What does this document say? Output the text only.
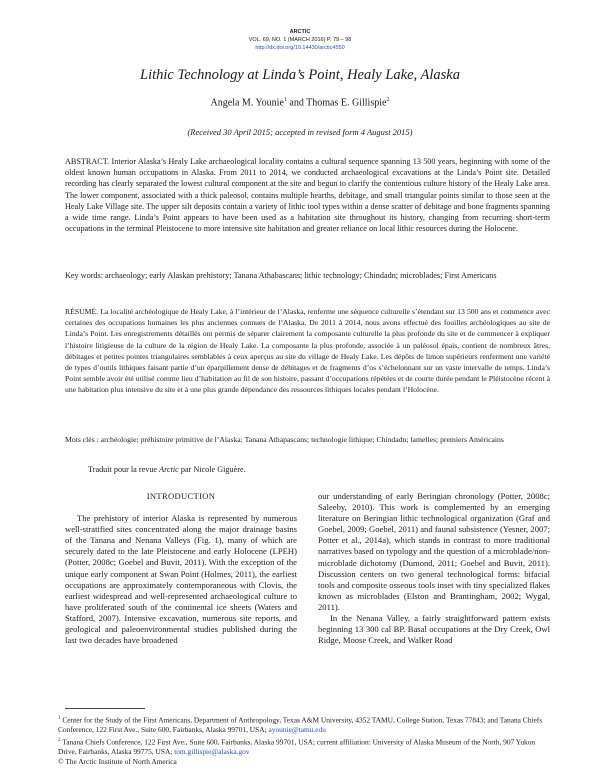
ARCTIC
VOL. 69, NO. 1 (MARCH 2016) P. 79 – 98
http://dx.doi.org/10.14430/arctic4550
Lithic Technology at Linda’s Point, Healy Lake, Alaska
Angela M. Younie$^1$ and Thomas E. Gillispie$^2$
(Received 30 April 2015; accepted in revised form 4 August 2015)
ABSTRACT. Interior Alaska’s Healy Lake archaeological locality contains a cultural sequence spanning 13 500 years, beginning with some of the oldest known human occupations in Alaska. From 2011 to 2014, we conducted archaeological excavations at the Linda’s Point site. Detailed recording has clearly separated the lowest cultural component at the site and begun to clarify the contentious culture history of the Healy Lake area. The lower component, associated with a thick paleosol, contains multiple hearths, debitage, and small triangular points similar to those seen at the Healy Lake Village site. The upper silt deposits contain a variety of lithic tool types within a dense scatter of debitage and bone fragments spanning a wide time range. Linda’s Point appears to have been used as a habitation site throughout its history, changing from recurring short-term occupations in the terminal Pleistocene to more intensive site habitation and greater reliance on local lithic resources during the Holocene.
Key words: archaeology; early Alaskan prehistory; Tanana Athabascans; lithic technology; Chindadn; microblades; First Americans
RÉSUMÉ. La localité archéologique de Healy Lake, à l’intérieur de l’Alaska, renferme une séquence culturelle s’étendant sur 13 500 ans et commence avec certaines des occupations humaines les plus anciennes connues de l’Alaska. De 2011 à 2014, nous avons effectué des fouilles archéologiques au site de Linda’s Point. Les enregistrements détaillés ont permis de séparer clairement la composante culturelle la plus profonde du site et de commencer à expliquer l’histoire litigieuse de la culture de la région de Healy Lake. La composante la plus profonde, associée à un paléosol épais, contient de nombreux âtres, débitages et petites pointes triangulaires semblables à ceux aperçus au site du village de Healy Lake. Les dépôts de limon supérieurs renferment une variété de types d’outils lithiques faisant partie d’un éparpillement dense de débitages et de fragments d’os s’échelonnant sur un vaste intervalle de temps. Linda’s Point semble avoir été utilisé comme lieu d’habitation au fil de son histoire, passant d’occupations répétées et de courte durée pendant le Pléistocène récent à une habitation plus intensive du site et à une plus grande dépendance des ressources lithiques locales pendant l’Holocène.
Mots clés : archéologie; préhistoire primitive de l’Alaska; Tanana Athapascans; technologie lithique; Chindadn; lamelles; premiers Américains
Traduit pour la revue Arctic par Nicole Giguère.
INTRODUCTION

The prehistory of interior Alaska is represented by numerous well-stratified sites concentrated along the major drainage basins of the Tanana and Nenana Valleys (Fig. 1), many of which are securely dated to the late Pleistocene and early Holocene (LPEH) (Potter, 2008c; Goebel and Buvit, 2011). With the exception of the unique early component at Swan Point (Holmes, 2011), the earliest occupations are approximately contemporaneous with Clovis, the earliest widespread and well-represented archaeological culture to have proliferated south of the continental ice sheets (Waters and Stafford, 2007). Intensive excavation, numerous site reports, and geological and paleoenvironmental studies published during the last two decades have broadened

our understanding of early Beringian chronology (Potter, 2008c; Saleeby, 2010). This work is complemented by an emerging literature on Beringian lithic technological organization (Graf and Goebel, 2009; Goebel, 2011) and faunal subsistence (Yesner, 2007; Potter et al., 2014a), which stands in contrast to more traditional narratives based on typology and the question of a microblade/non-microblade dichotomy (Dumond, 2011; Goebel and Buvit, 2011). Discussion centers on two general technological forms: bifacial tools and composite osseous tools inset with tiny specialized flakes known as microblades (Elston and Brantingham, 2002; Wygal, 2011).

In the Nenana Valley, a fairly straightforward pattern exists beginning 13 300 cal BP. Basal occupations at the Dry Creek, Owl Ridge, Moose Creek, and Walker Road

$^1$ Center for the Study of the First Americans, Department of Anthropology, Texas A&M University, 4352 TAMU, College Station, Texas 77843; and Tanana Chiefs Conference, 122 First Ave., Suite 600, Fairbanks, Alaska 99701, USA; ayounie@tamu.edu
$^2$ Tanana Chiefs Conference, 122 First Ave., Suite 600, Fairbanks, Alaska 99701, USA; current affiliation: University of Alaska Museum of the North, 907 Yukon Drive, Fairbanks, Alaska 99775, USA; tom.gillispie@alaska.gov
© The Arctic Institute of North America
